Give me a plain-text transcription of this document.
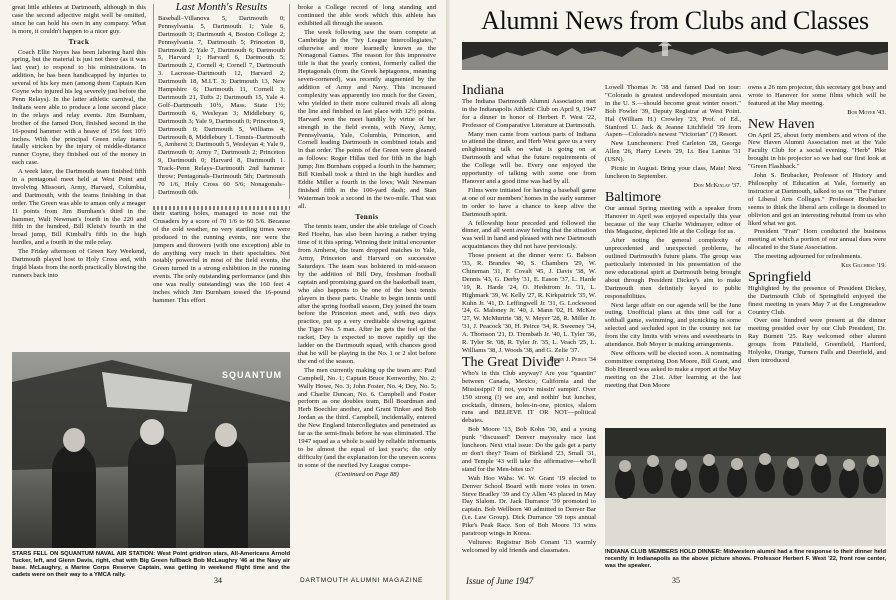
great little athletes at Dartmouth, although in this case the second adjective might well be omitted, since he can hold his own in any company. What is more, it couldn't happen to a nicer guy.

Track

Coach Ellie Noyes has been laboring hard this spring, but the material is just not there (as it was last year) to respond to his ministrations. In addition, he has been handicapped by injuries to several of his key men (among them Captain Ken Coyne who injured his leg severely just before the Penn Relays). In the latter athletic carnival, the Indians were able to produce a lone second place in the relays and relay events. Jim Burnham, brother of the famed Don, finished second in the 16-pound hammer with a heave of 156 feet 10½ inches. With the principal Green relay teams fatally stricken by the injury of middle-distance runner Coyne, they finished out of the money in each case.

A week later, the Dartmouth team finished fifth in a pentagonal meet held at West Point and involving Missouri, Army, Harvard, Columbia, and Dartmouth, with the teams finishing in that order. The Green was able to amass only a meager 11 points from Jim Burnham's third in the hammer, Walt Newman's fourth in the 220 and fifth in the hundred, Bill Kleist's fourth in the broad jump, Bill Kimball's fifth in the high hurdles, and a fourth in the mile relay.

The Friday afternoon of Green Key Weekend, Dartmouth played host to Holy Cross and, with frigid blasts from the north practically blowing the runners back into

Last Month's Results

Baseball–Villanova 5, Dartmouth 0; Pennsylvania 5, Dartmouth 1; Yale 6, Dartmouth 3; Dartmouth 4, Boston College 2; Pennsylvania 7, Dartmouth 5; Princeton 8, Dartmouth 2; Yale 7, Dartmouth 6; Dartmouth 5, Harvard 1; Harvard 6, Dartmouth 5; Dartmouth 2, Cornell 4; Cornell 7, Dartmouth 3. Lacrosse–Dartmouth 12, Harvard 2; Dartmouth 18, M.I.T. 3; Dartmouth 13, New Hampshire 6; Dartmouth 11, Cornell 3; Dartmouth 21, Tufts 2; Dartmouth 15, Yale 4. Golf–Dartmouth 10½, Mass. State 1½; Dartmouth 6, Wesleyan 3; Middlebury 6, Dartmouth 3; Yale 9, Dartmouth 0; Princeton 9, Dartmouth 0; Dartmouth 5, Williams 4; Dartmouth 8, Middlebury 1. Tennis–Dartmouth 5, Amherst 3; Dartmouth 5, Wesleyan 4; Yale 9, Dartmouth 0; Army 7, Dartmouth 2; Princeton 9, Dartmouth 0; Harvard 8, Dartmouth 1. Track–Penn Relays–Dartmouth 2nd hammer throw; Pentagonals–Dartmouth 5th; Dartmouth 70 1/6, Holy Cross 60 5/6; Nonagonals–Dartmouth 6th.

their starting holes, managed to nose out the Crusaders by a score of 70 1/6 to 60 5/6. Because of the cold weather, no very startling times were produced in the running events, nor were the jumpers and throwers (with one exception) able to do anything very much in their specialties. Not notably powerful in most of the field events, the Green turned in a strong exhibition in the running events. The only outstanding performance (and this one was really outstanding) was the 160 feet 4 inches which Jim Burnham tossed the 16-pound hammer. This effort

broke a College record of long standing and continued the able work which this athlete has exhibited all through the season.

The week following saw the team compete at Cambridge in the "Ivy League Intercollegiates," otherwise and more learnedly known as the Nonagonal Games. The reason for this impressive title is that the yearly contest, formerly called the Heptagonals (from the Greek heptagonos, meaning seven-cornered), was recently augmented by the addition of Army and Navy. This increased complexity was apparently too much for the Green, who yielded to their more cultured rivals all along the line and finished in last place with 12½ points. Harvard won the meet handily by virtue of her strength in the field events, with Navy, Army, Pennsylvania, Yale, Columbia, Princeton, and Cornell leading Dartmouth in combined totals and in that order. The points of the Green were gleaned as follows: Roger Hillas tied for fifth in the high jump; Jim Burnham copped a fourth in the hammer; Bill Kimball took a third in the high hurdles and Eddie Miller a fourth in the lows; Walt Newman finished fifth in the 100-yard dash; and Stan Waterman took a second in the two-mile. That was all.

Tennis

The tennis team, under the able tutelage of Coach Red Hoehn, has also been having a rather trying time of it this spring. Winning their initial encounter from Amherst, the team dropped matches to Yale, Army, Princeton and Harvard on successive Saturdays. The team was bolstered in mid-season by the addition of Bill Dey, freshman football captain and promising guard on the basketball team, who also happens to be one of the best tennis players in these parts. Unable to begin tennis until after the spring football season, Dey joined the team before the Princeton meet and, with two days practice, put up a very creditable showing against the Tiger No. 5 man. After he gets the feel of the racket, Dey is expected to move rapidly up the ladder on the Dartmouth squad, with chances good that he will be playing in the No. 1 or 2 slot before the end of the season.

The men currently making up the team are: Paul Campbell, No. 1; Captain Bruce Kenworthy, No. 2; Wally Howe, No. 3; John Foster, No. 4; Dey, No. 5; and Charlie Duncan, No. 6. Campbell and Foster perform as one doubles team, Bill Boardman and Herb Boechler another, and Grant Tinker and Bob Jordan as the third. Campbell, incidentally, entered the New England Intercollegiates and penetrated as far as the semi-finals before he was eliminated. The 1947 squad as a whole is said by reliable informants to be almost the equal of last year's; the only difficulty (and the explanation for the uneven scores in some of the rarefied Ivy League compe-

(Continued on Page 88)

SQUANTUM
STARS FELL ON SQUANTUM NAVAL AIR STATION: West Point gridiron stars, All-Americans Arnold Tucker, left, and Glenn Davis, right, chat with Big Green fullback Bob McLaughry '46 at the Navy air base. McLaughry, a Marine Corps Reserve Captain, was getting in weekend flight time and the cadets were on their way to a YMCA rally.
34	DARTMOUTH ALUMNI MAGAZINE
Alumni News from Clubs and Classes
Indiana

The Indiana Dartmouth Alumni Association met in the Indianapolis Athletic Club on April 9, 1947 for a dinner in honor of Herbert F. West '22, Professor of Comparative Literature at Dartmouth.

Many men came from various parts of Indiana to attend the dinner, and Herb West gave us a very enlightening talk on what is going on at Dartmouth and what the future requirements of the College will be. Every one enjoyed the opportunity of talking with some one from Hanover and a good time was had by all.

Films were initiated for having a baseball game at one of our members' homes in the early summer in order to have a chance to keep alive the Dartmouth spirit.

A fellowship hour preceded and followed the dinner, and all went away feeling that the situation was well in hand and pleased with new Dartmouth acquaintances they did not have previously.

Those present at the dinner were: G. Babson '33, R. Brandes '40, S. Chambers '29, W. Chineman '31, F. Covalt '45, J. Davis '38, W. Dennis '43, G. Derby '31, E. Eason '37, L. Harde '19, R. Harde '24, O. Hedstrom Jr. '31, L. Highmark '39, W. Kelly '27, R. Kirkpatrick '35, W. Kuhn Jr. '41, D. Leffingwell Jr. '31, G. Lockwood '24, G. Maloney Jr. '40, J. Mann '02, H. McKee '27, W. McMurtrie '38, V. Meyer '28, R. Miller Jr. '31, J. Peacock '30, H. Peirce '34, R. Sweeney '34, A. Thomson '21, D. Trembath Jr. '40, L. Tyler '36, R. Tyler Sr. '08, R. Tyler Jr. '35, L. Veach '25, L. Williams '38, J. Woods '38, and G. Zelie '37.

Henry J. Peirce '34
The Great Divide

Who's in this Club anyway? Are you "quantin" between Canada, Mexico, California and the Mississippi? If not, you're missin' sumpin'. Over 150 strong (!) we are, and nothin' but lunches, cocktails, dinners, holes-in-one, picnics, slalom runs and BELIEVE IT OR NOT—political debates.

Bob Moore '13, Bob Kohn '30, and a young punk "discussed" Denver mayoralty race last luncheon. Next vital issue: Do the gals get a party or don't they? Team of Birkland '23, Small '31, and Temple '43 will take the affirmative—who'll stand for the Men-bites us?

Wah Hoo Wahs: W. W. Grant '19 elected to Denver School Board with more votes in town. Steve Bradley '39 and Cy Allen '43 placed in May Day Slalom. Dr. Jack Durrance '39 promoted to captain. Bob Wellborn '40 admitted to Denver Bar (i.e. Law Group). Dick Durrance '39 tops annual Pike's Peak Race. Son of Bob Moore '13 wins paratroop wings in Korea.

Vultures: Registrar Bob Conant '13 warmly welcomed by old friends and classmates.

Lowell Thomas Jr. '38 and famed Dad on tour: "Colorado is greatest undeveloped mountain area in the U. S.—should become great winter resort." Bob Fowler '39, Deputy Registrar at West Point. Hal (William H.) Crowley '23, Prof. of Ed., Stanford U. Jack & Jeanne Litchfield '39 from Aspen—Colorado's newest "Victorian" (?) Resort.

New Luncheoners: Fred Carleton '28, George Allen '26, Harry Lewis '29, Lt. Bea Lanius '31 (USN).

Picnic in August. Bring your class, Mate! Next luncheon in September.

Don McKinlay '37.
Baltimore

Our annual Spring meeting with a speaker from Hanover in April was enjoyed especially this year because of the way Charlie Widmayer, editor of this Magazine, depicted life at the College for us.

After noting the general complexity of unprecedented and unexpected problems, he outlined Dartmouth's future plans. The group was particularly interested in his presentation of the new educational spirit at Dartmouth being brought about through President Dickey's aim to make Dartmouth men definitely keyed to public responsibilities.

Next large affair on our agenda will be the June outing. Unofficial plans at this time call for a softball game, swimming, and picnicking in some selected and secluded spot in the country not far from the city limits with wives and sweethearts in attendance. Bob Moyer is making arrangements.

New officers will be elected soon. A nominating committee comprising Don Moore, Bill Grant, and Bob Heuerd was asked to make a report at the May meeting on the 21st. After learning at the last meeting that Don Moore

owns a 26 mm projector, this secretary got busy and wrote to Hanover for some films which will be featured at the May meeting.

Bob Moyer '43.
New Haven

On April 25, about forty members and wives of the New Haven Alumni Association met at the Yale Faculty Club for a social evening. "Herb" Pike brought in his projector so we had our first look at "Green Flashback."

John S. Brubacker, Professor of History and Philosophy of Education at Yale, formerly an instructor at Dartmouth, talked to us on "The Future of Liberal Arts Colleges." Professor Brubacker seems to think the liberal arts college is doomed to oblivion and got an interesting rebuttal from us who liked what we got.

President "Fran" Horn conducted the business meeting at which a portion of our annual dues were allocated to the State Association.

The meeting adjourned for refreshments.

Ken Gilchrist '19.
Springfield

Highlighted by the presence of President Dickey, the Dartmouth Club of Springfield enjoyed the finest meeting in years May 7 at the Longmeadow Country Club.

Over one hundred were present at the dinner meeting presided over by our Club President, Dr. Ray Burnett '25. Ray welcomed other alumni groups from Pittsfield, Greenfield, Hartford, Holyoke, Orange, Turners Falls and Deerfield, and then introduced

INDIANA CLUB MEMBERS HOLD DINNER: Midwestern alumni had a fine response to their dinner held recently in Indianapolis as the above picture shows. Professor Herbert F. West '22, front row center, was the speaker.
Issue of June 1947	35
